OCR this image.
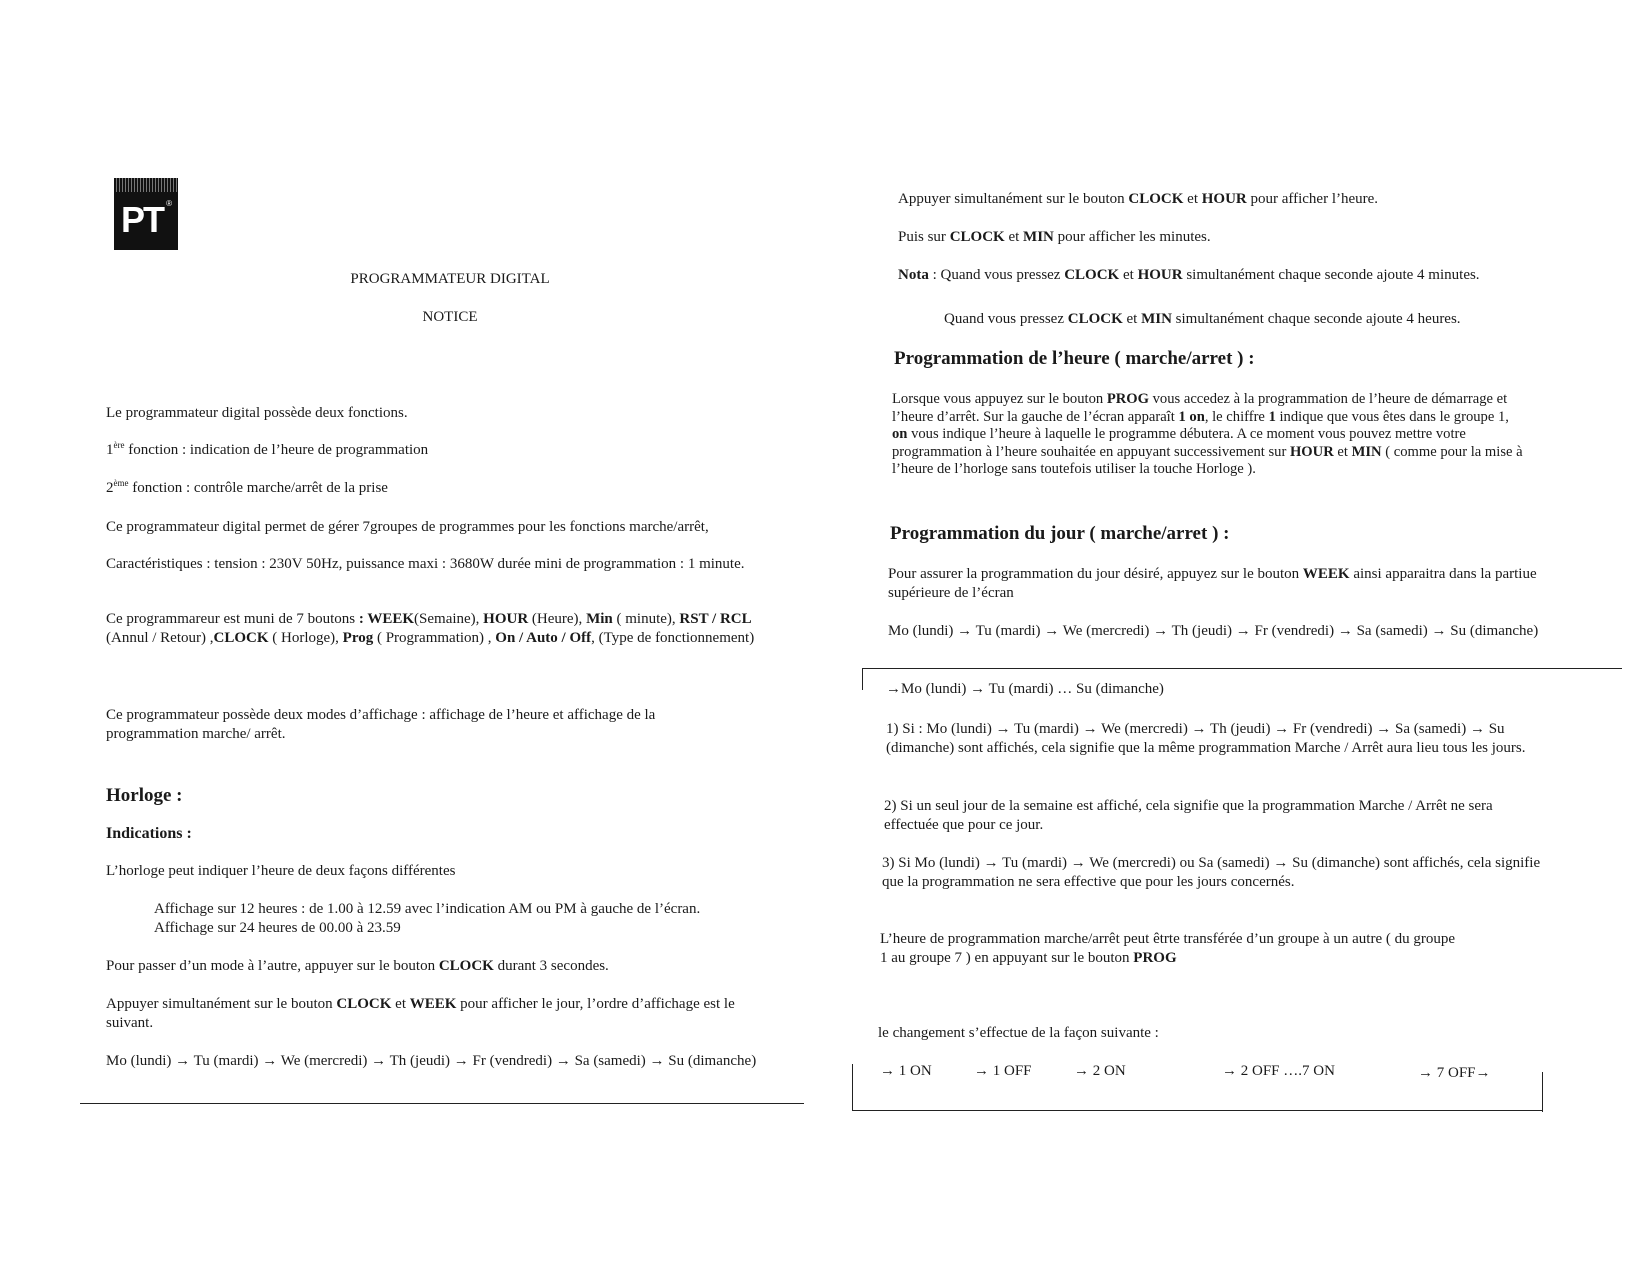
PT ®
PROGRAMMATEUR DIGITAL
NOTICE
Le programmateur digital possède deux fonctions.
1ère fonction : indication de l’heure de programmation
2ème fonction : contrôle marche/arrêt de la prise
Ce programmateur digital permet de gérer 7groupes de programmes pour les fonctions marche/arrêt,
Caractéristiques : tension : 230V 50Hz, puissance maxi : 3680W durée mini de programmation : 1 minute.
Ce programmareur est muni de 7 boutons : WEEK(Semaine), HOUR (Heure), Min ( minute), RST / RCL (Annul / Retour) ,CLOCK ( Horloge), Prog ( Programmation) , On / Auto / Off, (Type de fonctionnement)
Ce programmateur possède deux modes d’affichage : affichage de l’heure et affichage de la programmation marche/ arrêt.
Horloge :
Indications :
L’horloge peut indiquer l’heure de deux façons différentes
Affichage sur 12 heures : de 1.00 à 12.59 avec l’indication AM ou PM à gauche de l’écran.
Affichage sur 24 heures de 00.00 à 23.59
Pour passer d’un mode à l’autre, appuyer sur le bouton CLOCK durant 3 secondes.
Appuyer simultanément sur le bouton CLOCK et WEEK pour afficher le jour, l’ordre d’affichage est le suivant.
Mo (lundi) → Tu (mardi) → We (mercredi) → Th (jeudi) → Fr (vendredi) → Sa (samedi) → Su (dimanche)
Appuyer simultanément sur le bouton CLOCK et HOUR pour afficher l’heure.
Puis sur CLOCK et MIN pour afficher les minutes.
Nota : Quand vous pressez CLOCK et HOUR simultanément chaque seconde ajoute 4 minutes.
Quand vous pressez CLOCK et MIN simultanément chaque seconde ajoute 4 heures.
Programmation de l’heure ( marche/arret ) :
Lorsque vous appuyez sur le bouton PROG vous accedez à la programmation de l’heure de démarrage et l’heure d’arrêt. Sur la gauche de l’écran apparaît 1 on, le chiffre 1 indique que vous êtes dans le groupe 1,
on vous indique l’heure à laquelle le programme débutera. A ce moment vous pouvez mettre votre programmation à l’heure souhaitée en appuyant successivement sur HOUR et MIN ( comme pour la mise à l’heure de l’horloge sans toutefois utiliser la touche Horloge ).
Programmation du jour ( marche/arret ) :
Pour assurer la programmation du jour désiré, appuyez sur le bouton WEEK ainsi apparaitra dans la partiue supérieure de l’écran
Mo (lundi) → Tu (mardi) → We (mercredi) → Th (jeudi) → Fr (vendredi) → Sa (samedi) → Su (dimanche)
→Mo (lundi) → Tu (mardi) … Su (dimanche)
1) Si : Mo (lundi) → Tu (mardi) → We (mercredi) → Th (jeudi) → Fr (vendredi) → Sa (samedi) → Su (dimanche) sont affichés, cela signifie que la même programmation Marche / Arrêt aura lieu tous les jours.
2) Si un seul jour de la semaine est affiché, cela signifie que la programmation Marche / Arrêt ne sera effectuée que pour ce jour.
3) Si Mo (lundi) → Tu (mardi) → We (mercredi) ou Sa (samedi) → Su (dimanche) sont affichés, cela signifie que la programmation ne sera effective que pour les jours concernés.
L’heure de programmation marche/arrêt peut êtrte transférée d’un groupe à un autre ( du groupe 1 au groupe 7 ) en appuyant sur le bouton PROG
le changement s’effectue de la façon suivante :
→ 1 ON	→ 1 OFF	→ 2 ON	→ 2 OFF ….7 ON	→ 7 OFF→
